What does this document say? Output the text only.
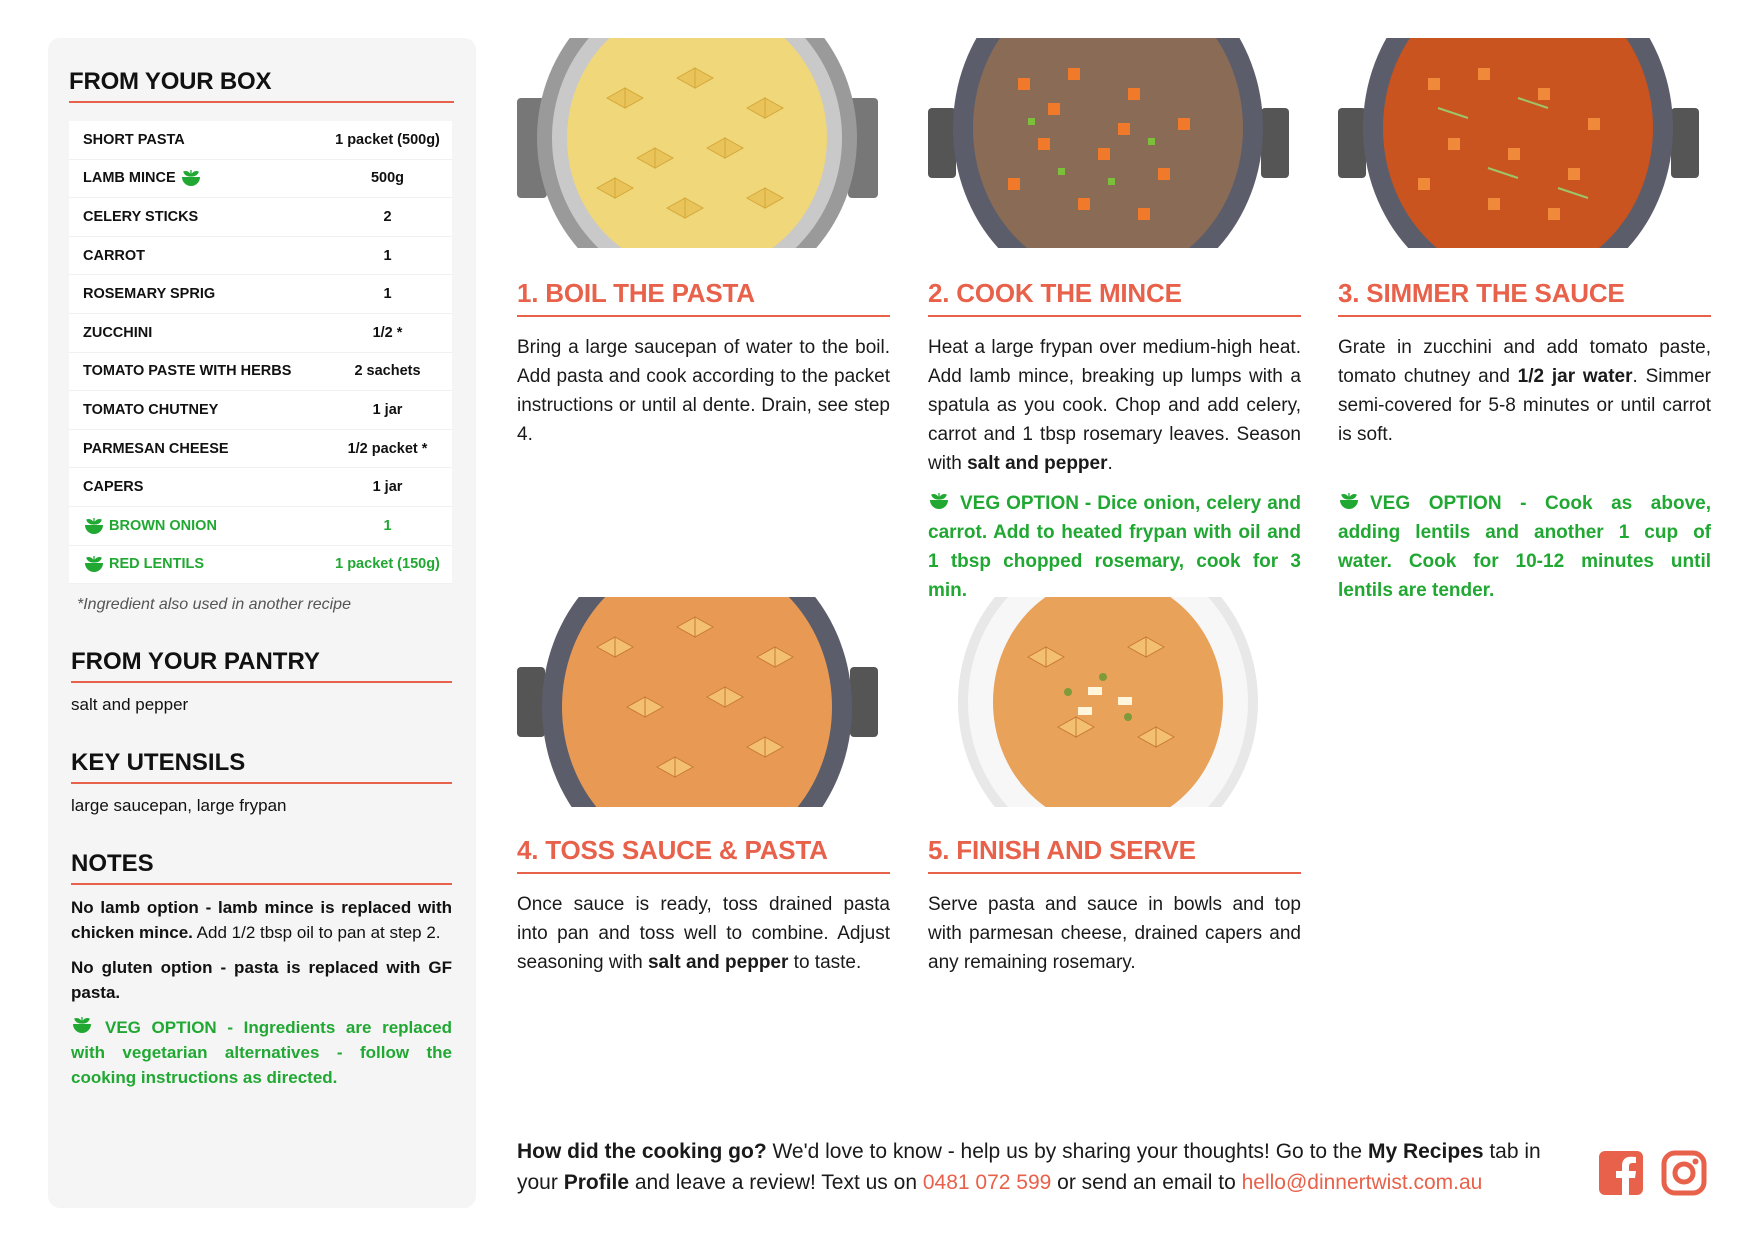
FROM YOUR BOX
SHORT PASTA	1 packet (500g)
LAMB MINCE	500g
CELERY STICKS	2
CARROT	1
ROSEMARY SPRIG	1
ZUCCHINI	1/2 *
TOMATO PASTE WITH HERBS	2 sachets
TOMATO CHUTNEY	1 jar
PARMESAN CHEESE	1/2 packet *
CAPERS	1 jar
BROWN ONION	1
RED LENTILS	1 packet (150g)
*Ingredient also used in another recipe
FROM YOUR PANTRY
salt and pepper
KEY UTENSILS
large saucepan, large frypan
NOTES
No lamb option - lamb mince is replaced with chicken mince. Add 1/2 tbsp oil to pan at step 2.
No gluten option - pasta is replaced with GF pasta.
VEG OPTION - Ingredients are replaced with vegetarian alternatives - follow the cooking instructions as directed.
1. BOIL THE PASTA
Bring a large saucepan of water to the boil. Add pasta and cook according to the packet instructions or until al dente. Drain, see step 4.
2. COOK THE MINCE
Heat a large frypan over medium-high heat. Add lamb mince, breaking up lumps with a spatula as you cook. Chop and add celery, carrot and 1 tbsp rosemary leaves. Season with salt and pepper.
VEG OPTION - Dice onion, celery and carrot. Add to heated frypan with oil and 1 tbsp chopped rosemary, cook for 3 min.
3. SIMMER THE SAUCE
Grate in zucchini and add tomato paste, tomato chutney and 1/2 jar water. Simmer semi-covered for 5-8 minutes or until carrot is soft.
VEG OPTION - Cook as above, adding lentils and another 1 cup of water. Cook for 10-12 minutes until lentils are tender.
4. TOSS SAUCE & PASTA
Once sauce is ready, toss drained pasta into pan and toss well to combine. Adjust seasoning with salt and pepper to taste.
5. FINISH AND SERVE
Serve pasta and sauce in bowls and top with parmesan cheese, drained capers and any remaining rosemary.
How did the cooking go? We'd love to know - help us by sharing your thoughts! Go to the My Recipes tab in your Profile and leave a review! Text us on 0481 072 599 or send an email to hello@dinnertwist.com.au
